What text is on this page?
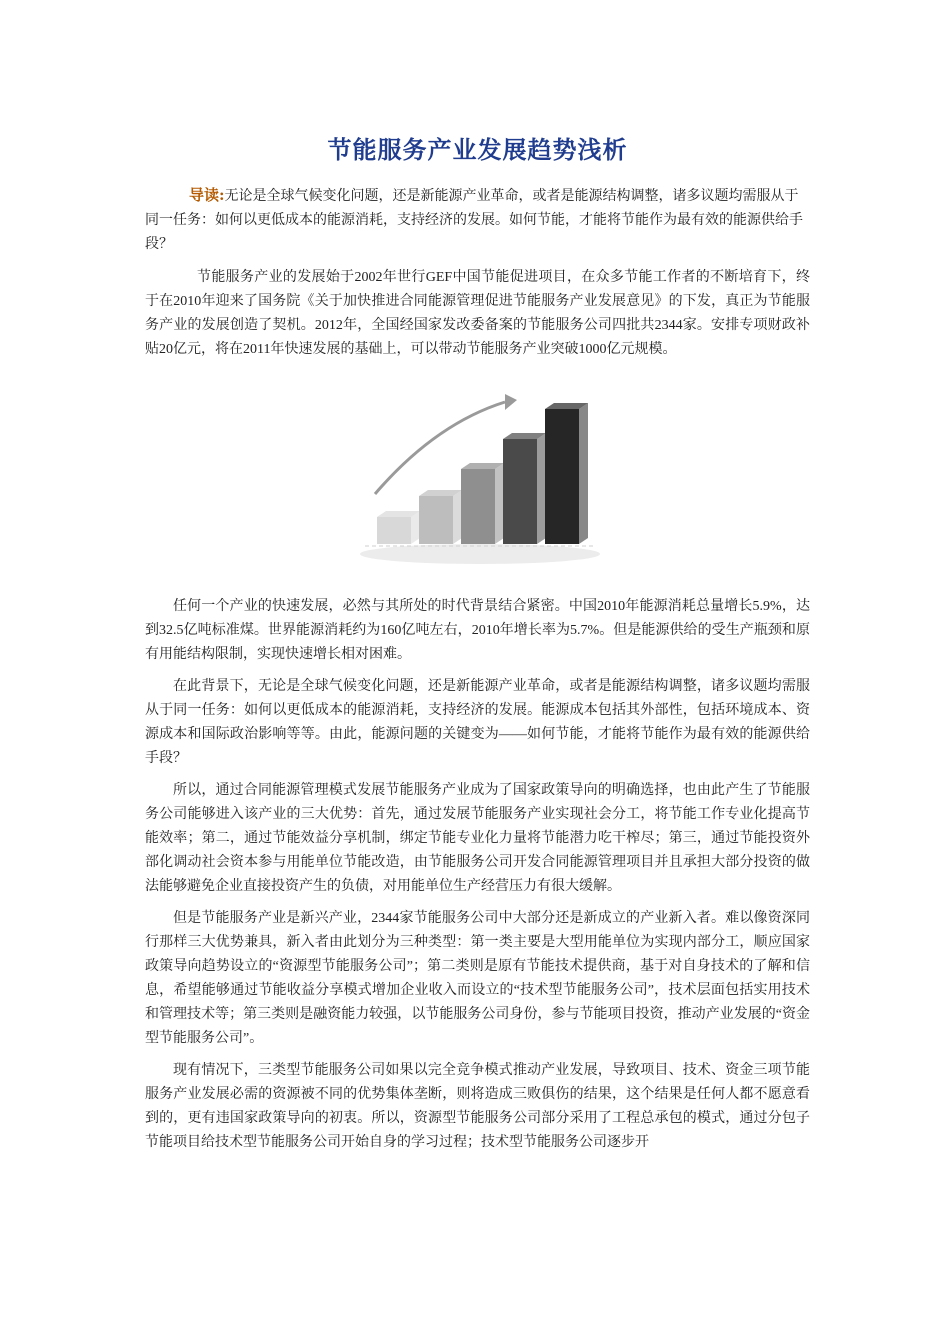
节能服务产业发展趋势浅析

导读:无论是全球气候变化问题，还是新能源产业革命，或者是能源结构调整，诸多议题均需服从于同一任务：如何以更低成本的能源消耗，支持经济的发展。如何节能，才能将节能作为最有效的能源供给手段？

节能服务产业的发展始于2002年世行GEF中国节能促进项目，在众多节能工作者的不断培育下，终于在2010年迎来了国务院《关于加快推进合同能源管理促进节能服务产业发展意见》的下发，真正为节能服务产业的发展创造了契机。2012年，全国经国家发改委备案的节能服务公司四批共2344家。安排专项财政补贴20亿元，将在2011年快速发展的基础上，可以带动节能服务产业突破1000亿元规模。

任何一个产业的快速发展，必然与其所处的时代背景结合紧密。中国2010年能源消耗总量增长5.9%，达到32.5亿吨标准煤。世界能源消耗约为160亿吨左右，2010年增长率为5.7%。但是能源供给的受生产瓶颈和原有用能结构限制，实现快速增长相对困难。

在此背景下，无论是全球气候变化问题，还是新能源产业革命，或者是能源结构调整，诸多议题均需服从于同一任务：如何以更低成本的能源消耗，支持经济的发展。能源成本包括其外部性，包括环境成本、资源成本和国际政治影响等等。由此，能源问题的关键变为——如何节能，才能将节能作为最有效的能源供给手段？

所以，通过合同能源管理模式发展节能服务产业成为了国家政策导向的明确选择，也由此产生了节能服务公司能够进入该产业的三大优势：首先，通过发展节能服务产业实现社会分工，将节能工作专业化提高节能效率；第二，通过节能效益分享机制，绑定节能专业化力量将节能潜力吃干榨尽；第三，通过节能投资外部化调动社会资本参与用能单位节能改造，由节能服务公司开发合同能源管理项目并且承担大部分投资的做法能够避免企业直接投资产生的负债，对用能单位生产经营压力有很大缓解。

但是节能服务产业是新兴产业，2344家节能服务公司中大部分还是新成立的产业新入者。难以像资深同行那样三大优势兼具，新入者由此划分为三种类型：第一类主要是大型用能单位为实现内部分工，顺应国家政策导向趋势设立的“资源型节能服务公司”；第二类则是原有节能技术提供商，基于对自身技术的了解和信息，希望能够通过节能收益分享模式增加企业收入而设立的“技术型节能服务公司”，技术层面包括实用技术和管理技术等；第三类则是融资能力较强，以节能服务公司身份，参与节能项目投资，推动产业发展的“资金型节能服务公司”。

现有情况下，三类型节能服务公司如果以完全竞争模式推动产业发展，导致项目、技术、资金三项节能服务产业发展必需的资源被不同的优势集体垄断，则将造成三败俱伤的结果，这个结果是任何人都不愿意看到的，更有违国家政策导向的初衷。所以，资源型节能服务公司部分采用了工程总承包的模式，通过分包子节能项目给技术型节能服务公司开始自身的学习过程；技术型节能服务公司逐步开
